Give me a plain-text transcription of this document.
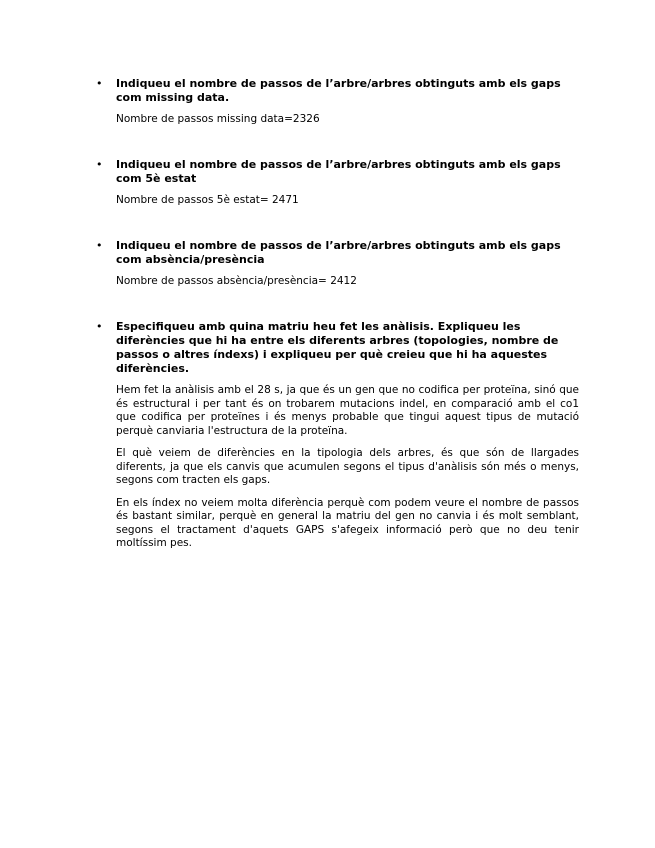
• Indiqueu el nombre de passos de l’arbre/arbres obtinguts amb els gaps com missing data.
Nombre de passos missing data=2326
• Indiqueu el nombre de passos de l’arbre/arbres obtinguts amb els gaps com 5è estat
Nombre de passos 5è estat= 2471
• Indiqueu el nombre de passos de l’arbre/arbres obtinguts amb els gaps com absència/presència
Nombre de passos absència/presència= 2412
• Especifiqueu amb quina matriu heu fet les anàlisis. Expliqueu les diferències que hi ha entre els diferents arbres (topologies, nombre de passos o altres índexs) i expliqueu per què creieu que hi ha aquestes diferències.
Hem fet la anàlisis amb el 28 s, ja que és un gen que no codifica per proteïna, sinó que és estructural i per tant és on trobarem mutacions indel, en comparació amb el co1 que codifica per proteïnes i és menys probable que tingui aquest tipus de mutació perquè canviaria l'estructura de la proteïna.
El què veiem de diferències en la tipologia dels arbres, és que són de llargades diferents, ja que els canvis que acumulen segons el tipus d'anàlisis són més o menys, segons com tracten els gaps.
En els índex no veiem molta diferència perquè com podem veure el nombre de passos és bastant similar, perquè en general la matriu del gen no canvia i és molt semblant, segons el tractament d'aquets GAPS s'afegeix informació però que no deu tenir moltíssim pes.
